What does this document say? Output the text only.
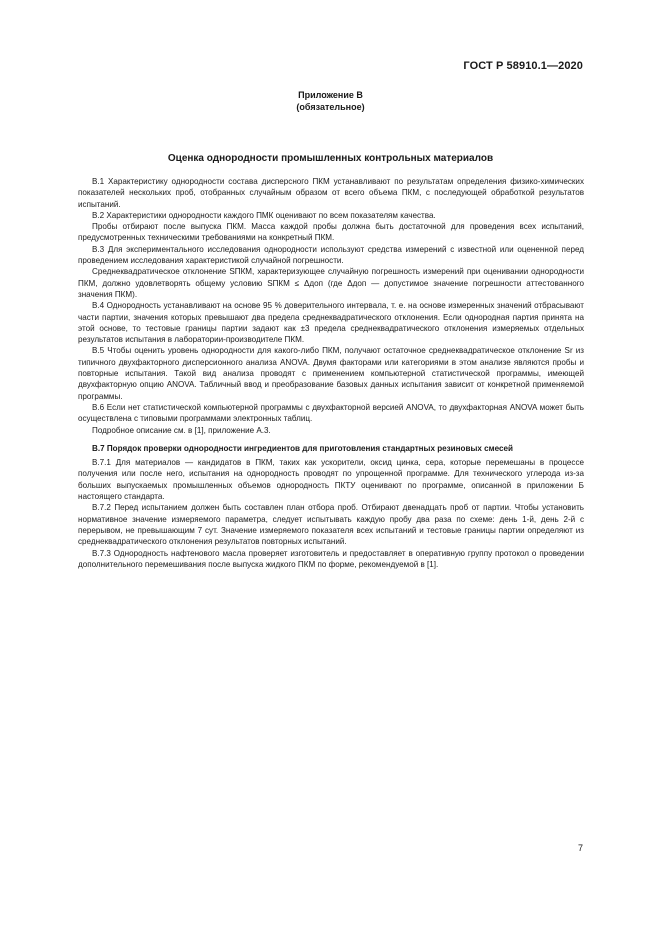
ГОСТ Р 58910.1—2020
Приложение В
(обязательное)
Оценка однородности промышленных контрольных материалов

В.1 Характеристику однородности состава дисперсного ПКМ устанавливают по результатам определения физико-химических показателей нескольких проб, отобранных случайным образом от всего объема ПКМ, с последующей обработкой результатов испытаний.

В.2 Характеристики однородности каждого ПМК оценивают по всем показателям качества.

Пробы отбирают после выпуска ПКМ. Масса каждой пробы должна быть достаточной для проведения всех испытаний, предусмотренных техническими требованиями на конкретный ПКМ.

В.3 Для экспериментального исследования однородности используют средства измерений с известной или оцененной перед проведением исследования характеристикой случайной погрешности.

Среднеквадратическое отклонение SПКМ, характеризующее случайную погрешность измерений при оценивании однородности ПКМ, должно удовлетворять общему условию SПКМ ≤ Δдоп (где Δдоп — допустимое значение погрешности аттестованного значения ПКМ).

В.4 Однородность устанавливают на основе 95 % доверительного интервала, т. е. на основе измеренных значений отбрасывают части партии, значения которых превышают два предела среднеквадратического отклонения. Если однородная партия принята на этой основе, то тестовые границы партии задают как ±3 предела среднеквадратического отклонения измеряемых отдельных результатов испытания в лаборатории-производителе ПКМ.

В.5 Чтобы оценить уровень однородности для какого-либо ПКМ, получают остаточное среднеквадратическое отклонение Sr из типичного двухфакторного дисперсионного анализа ANOVA. Двумя факторами или категориями в этом анализе являются пробы и повторные испытания. Такой вид анализа проводят с применением компьютерной статистической программы, имеющей двухфакторную опцию ANOVA. Табличный ввод и преобразование базовых данных испытания зависит от конкретной применяемой программы.

В.6 Если нет статистической компьютерной программы с двухфакторной версией ANOVA, то двухфакторная ANOVA может быть осуществлена с типовыми программами электронных таблиц.

Подробное описание см. в [1], приложение А.3.

В.7 Порядок проверки однородности ингредиентов для приготовления стандартных резиновых смесей

В.7.1 Для материалов — кандидатов в ПКМ, таких как ускорители, оксид цинка, сера, которые перемешаны в процессе получения или после него, испытания на однородность проводят по упрощенной программе. Для технического углерода из-за больших выпускаемых промышленных объемов однородность ПКТУ оценивают по программе, описанной в приложении Б настоящего стандарта.

В.7.2 Перед испытанием должен быть составлен план отбора проб. Отбирают двенадцать проб от партии. Чтобы установить нормативное значение измеряемого параметра, следует испытывать каждую пробу два раза по схеме: день 1-й, день 2-й с перерывом, не превышающим 7 сут. Значение измеряемого показателя всех испытаний и тестовые границы партии определяют из среднеквадратического отклонения результатов повторных испытаний.

В.7.3 Однородность нафтенового масла проверяет изготовитель и предоставляет в оперативную группу протокол о проведении дополнительного перемешивания после выпуска жидкого ПКМ по форме, рекомендуемой в [1].

7
